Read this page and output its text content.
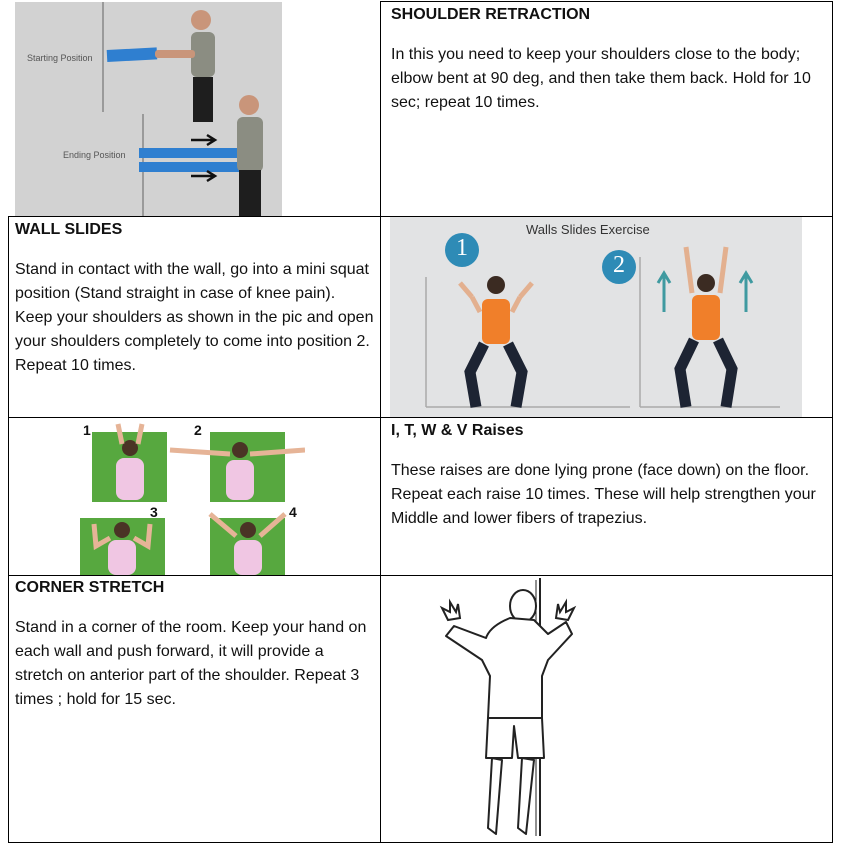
Starting Position
Ending Position
SHOULDER RETRACTION

In this you need to keep your shoulders close to the body; elbow bent at 90 deg, and then take them back. Hold for 10 sec; repeat 10 times.

WALL SLIDES

Stand in contact with the wall, go into a mini squat position (Stand straight in case of knee pain). Keep your shoulders as shown in the pic and open your shoulders completely to come into position 2. Repeat 10 times.

Walls Slides Exercise
1
2
1	2
3	4
I, T, W & V Raises

These raises are done lying prone (face down) on the floor. Repeat each raise 10 times. These will help strengthen your Middle and lower fibers of trapezius.

CORNER STRETCH

Stand in a corner of the room. Keep your hand on each wall and push forward, it will provide a stretch on anterior part of the shoulder. Repeat 3 times ; hold for 15 sec.
